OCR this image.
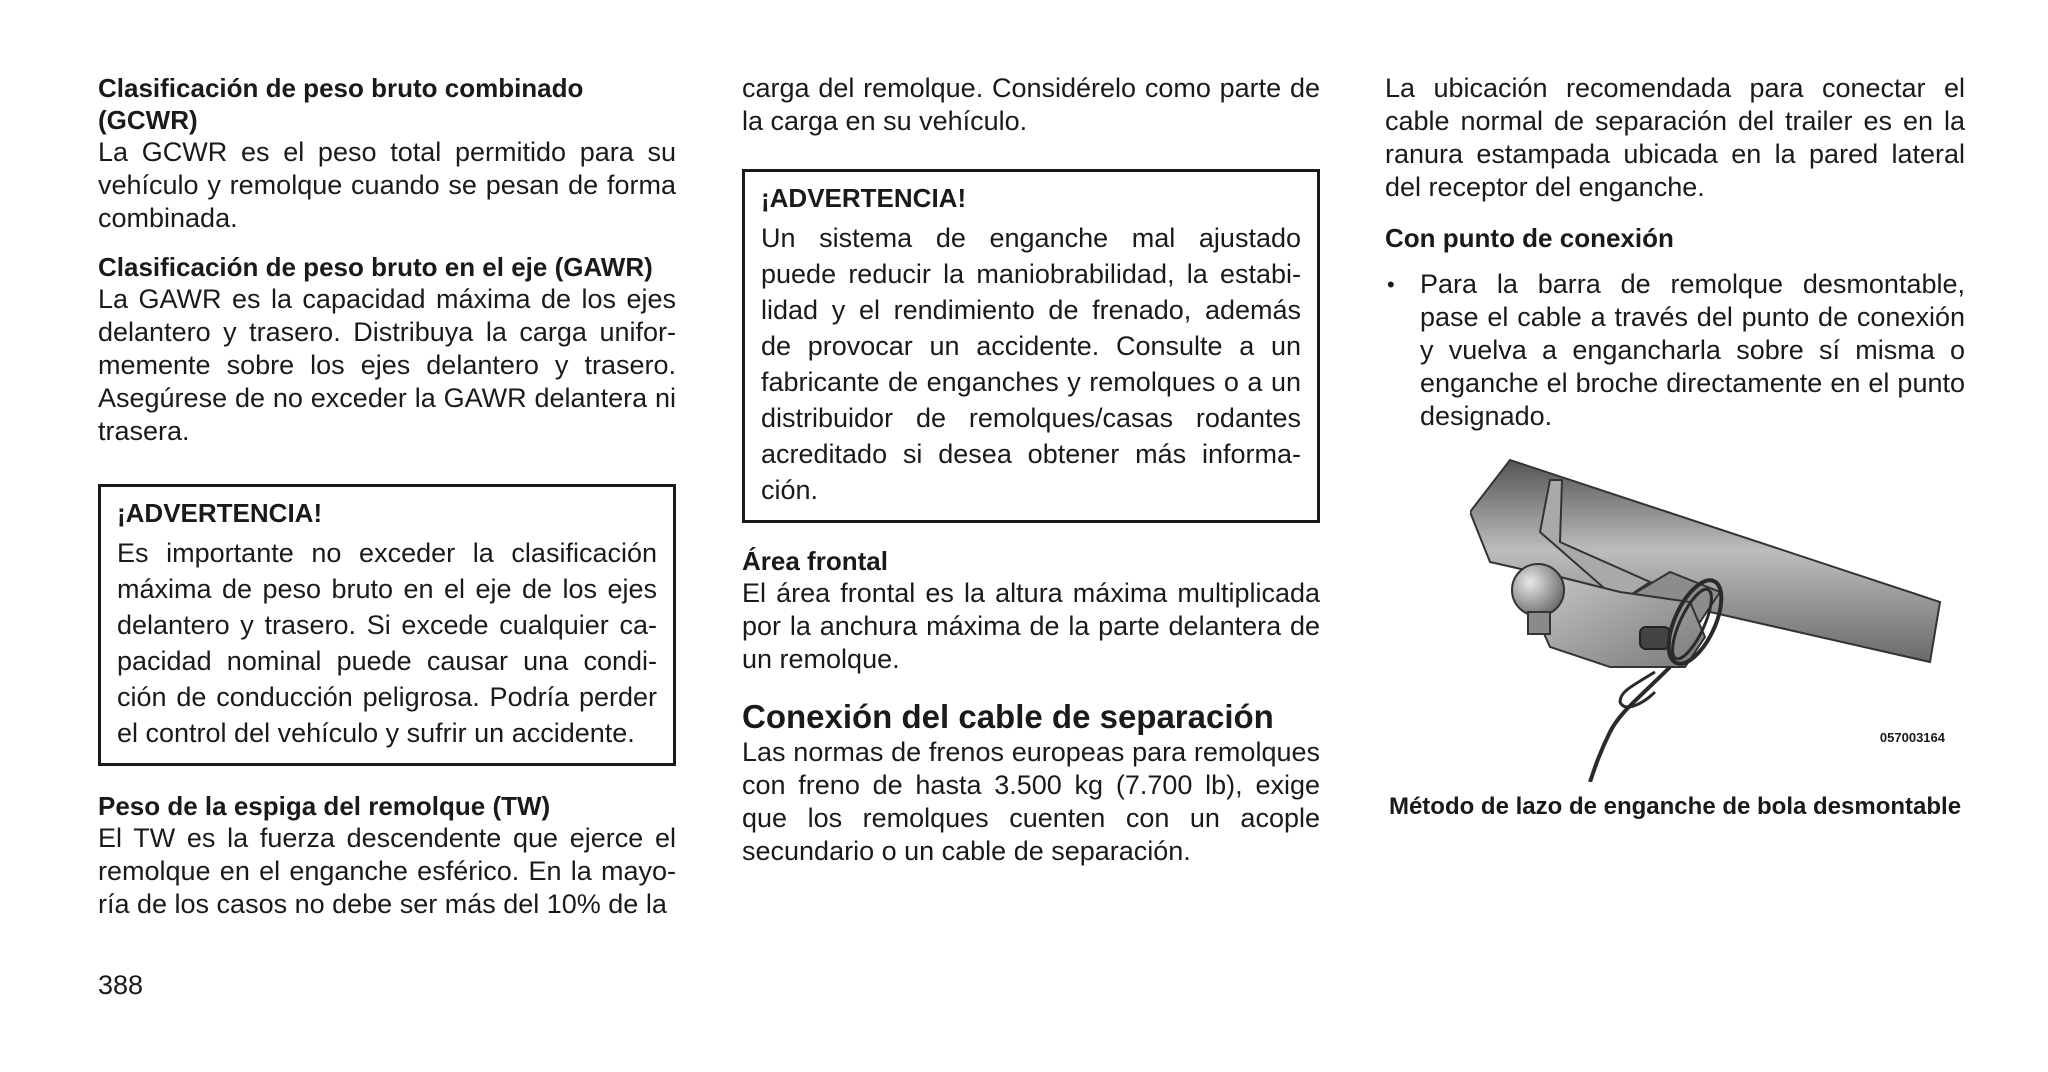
Clasificación de peso bruto combinado (GCWR)

La GCWR es el peso total permitido para su vehículo y remolque cuando se pesan de forma combinada.

Clasificación de peso bruto en el eje (GAWR)

La GAWR es la capacidad máxima de los ejes delantero y trasero. Distribuya la carga uniformemente sobre los ejes delantero y trasero. Asegúrese de no exceder la GAWR delantera ni trasera.

¡ADVERTENCIA!
Es importante no exceder la clasificación máxima de peso bruto en el eje de los ejes delantero y trasero. Si excede cualquier capacidad nominal puede causar una condición de conducción peligrosa. Podría perder el control del vehículo y sufrir un accidente.
Peso de la espiga del remolque (TW)

El TW es la fuerza descendente que ejerce el remolque en el enganche esférico. En la mayoría de los casos no debe ser más del 10% de la

carga del remolque. Considérelo como parte de la carga en su vehículo.

¡ADVERTENCIA!
Un sistema de enganche mal ajustado puede reducir la maniobrabilidad, la estabilidad y el rendimiento de frenado, además de provocar un accidente. Consulte a un fabricante de enganches y remolques o a un distribuidor de remolques/casas rodantes acreditado si desea obtener más información.
Área frontal

El área frontal es la altura máxima multiplicada por la anchura máxima de la parte delantera de un remolque.

Conexión del cable de separación

Las normas de frenos europeas para remolques con freno de hasta 3.500 kg (7.700 lb), exige que los remolques cuenten con un acople secundario o un cable de separación.

La ubicación recomendada para conectar el cable normal de separación del trailer es en la ranura estampada ubicada en la pared lateral del receptor del enganche.

Con punto de conexión
• Para la barra de remolque desmontable, pase el cable a través del punto de conexión y vuelva a engancharla sobre sí misma o enganche el broche directamente en el punto designado.
057003164
Método de lazo de enganche de bola desmontable
388
